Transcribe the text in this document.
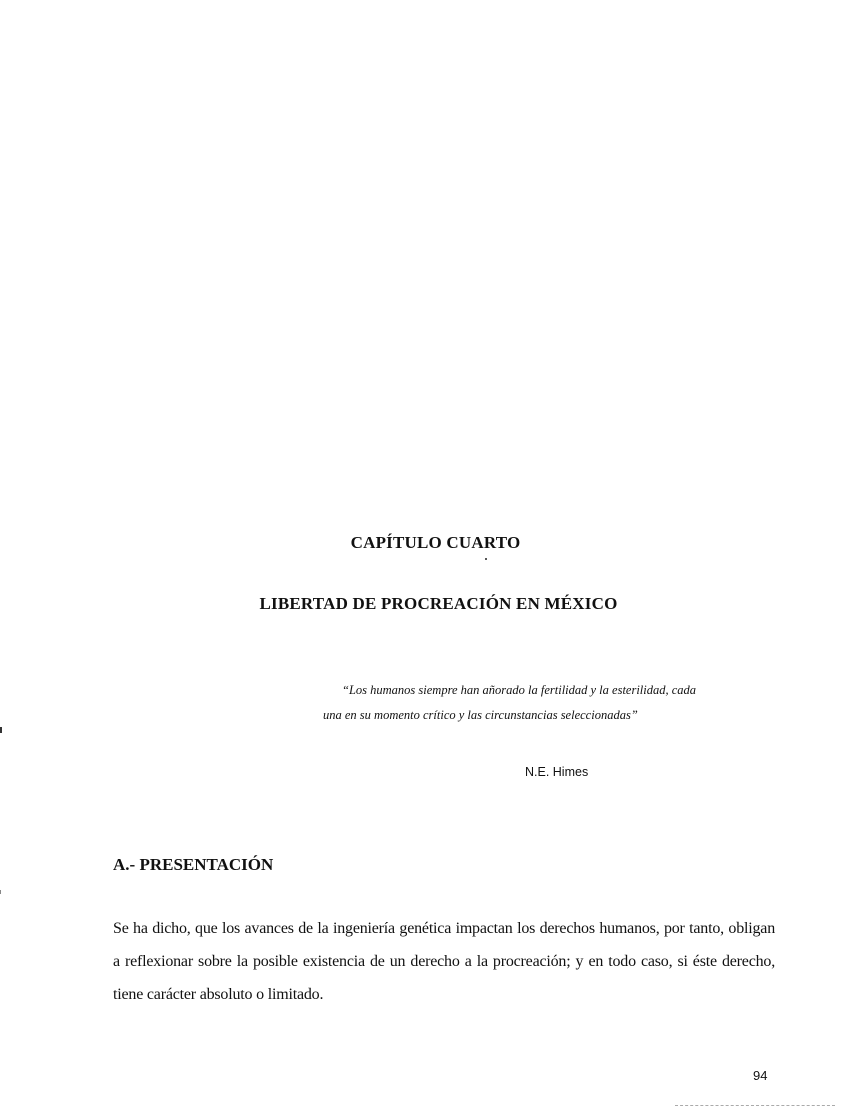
CAPÍTULO CUARTO
LIBERTAD DE PROCREACIÓN EN MÉXICO
“Los humanos siempre han añorado la fertilidad y la esterilidad, cada
una en su momento crítico y las circunstancias seleccionadas”
N.E. Himes
A.- PRESENTACIÓN
Se ha dicho, que los avances de la ingeniería genética impactan los derechos humanos, por tanto, obligan a reflexionar sobre la posible existencia de un derecho a la procreación; y en todo caso, si éste derecho, tiene carácter absoluto o limitado.
94
